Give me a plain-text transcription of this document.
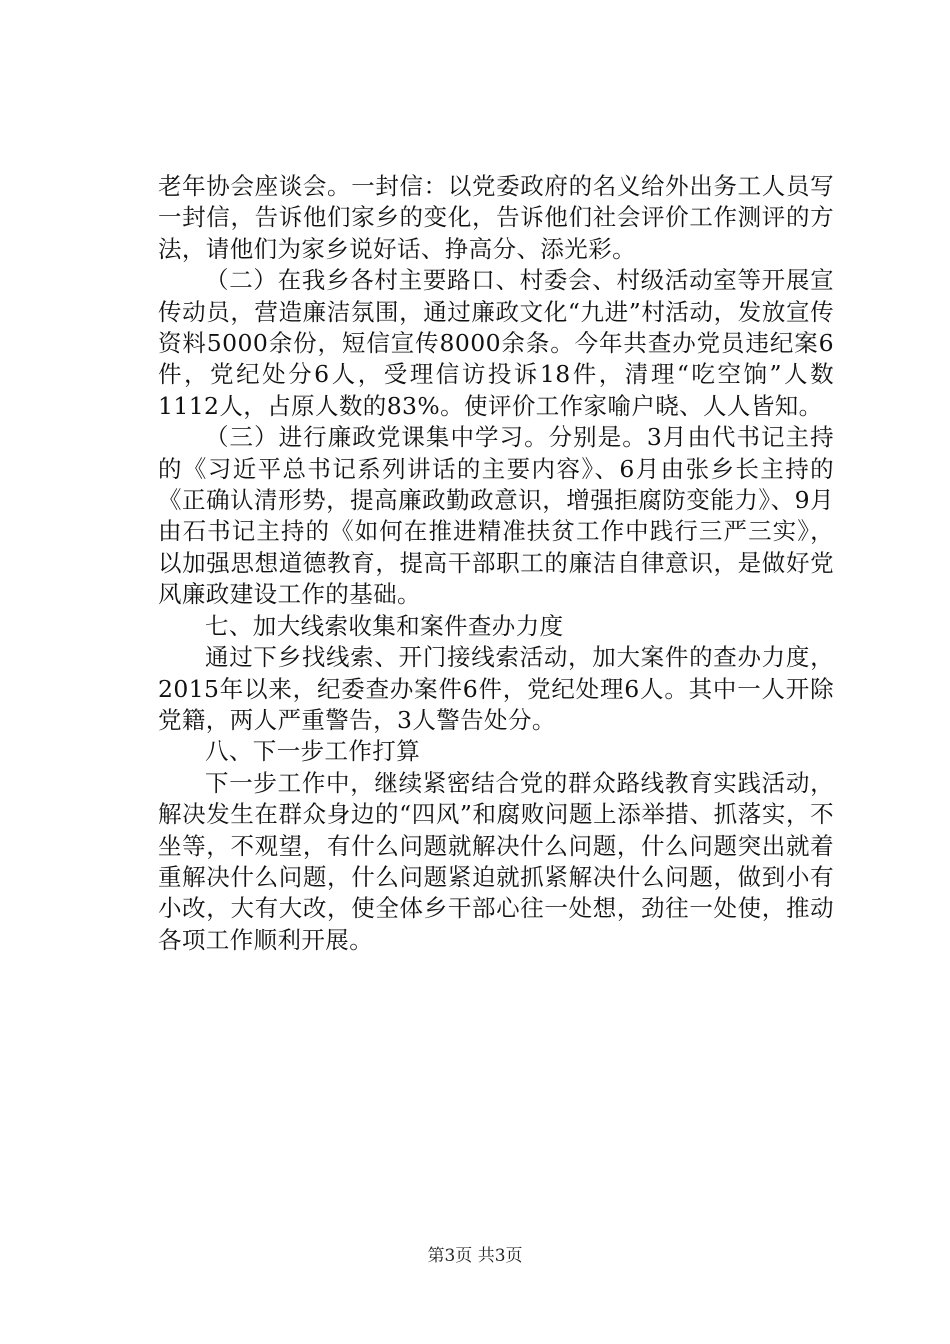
老年协会座谈会。一封信：以党委政府的名义给外出务工人员写一封信，告诉他们家乡的变化，告诉他们社会评价工作测评的方法，请他们为家乡说好话、挣高分、添光彩。

（二）在我乡各村主要路口、村委会、村级活动室等开展宣传动员，营造廉洁氛围，通过廉政文化“九进”村活动，发放宣传资料5000余份，短信宣传8000余条。今年共查办党员违纪案6件，党纪处分6人，受理信访投诉18件，清理“吃空饷”人数1112人，占原人数的83%。使评价工作家喻户晓、人人皆知。

（三）进行廉政党课集中学习。分别是。3月由代书记主持的《习近平总书记系列讲话的主要内容》、6月由张乡长主持的《正确认清形势，提高廉政勤政意识，增强拒腐防变能力》、9月由石书记主持的《如何在推进精准扶贫工作中践行三严三实》，以加强思想道德教育，提高干部职工的廉洁自律意识，是做好党风廉政建设工作的基础。

七、加大线索收集和案件查办力度

通过下乡找线索、开门接线索活动，加大案件的查办力度，2015年以来，纪委查办案件6件，党纪处理6人。其中一人开除党籍，两人严重警告，3人警告处分。

八、下一步工作打算

下一步工作中，继续紧密结合党的群众路线教育实践活动，解决发生在群众身边的“四风”和腐败问题上添举措、抓落实，不坐等，不观望，有什么问题就解决什么问题，什么问题突出就着重解决什么问题，什么问题紧迫就抓紧解决什么问题，做到小有小改，大有大改，使全体乡干部心往一处想，劲往一处使，推动各项工作顺利开展。

第3页 共3页
